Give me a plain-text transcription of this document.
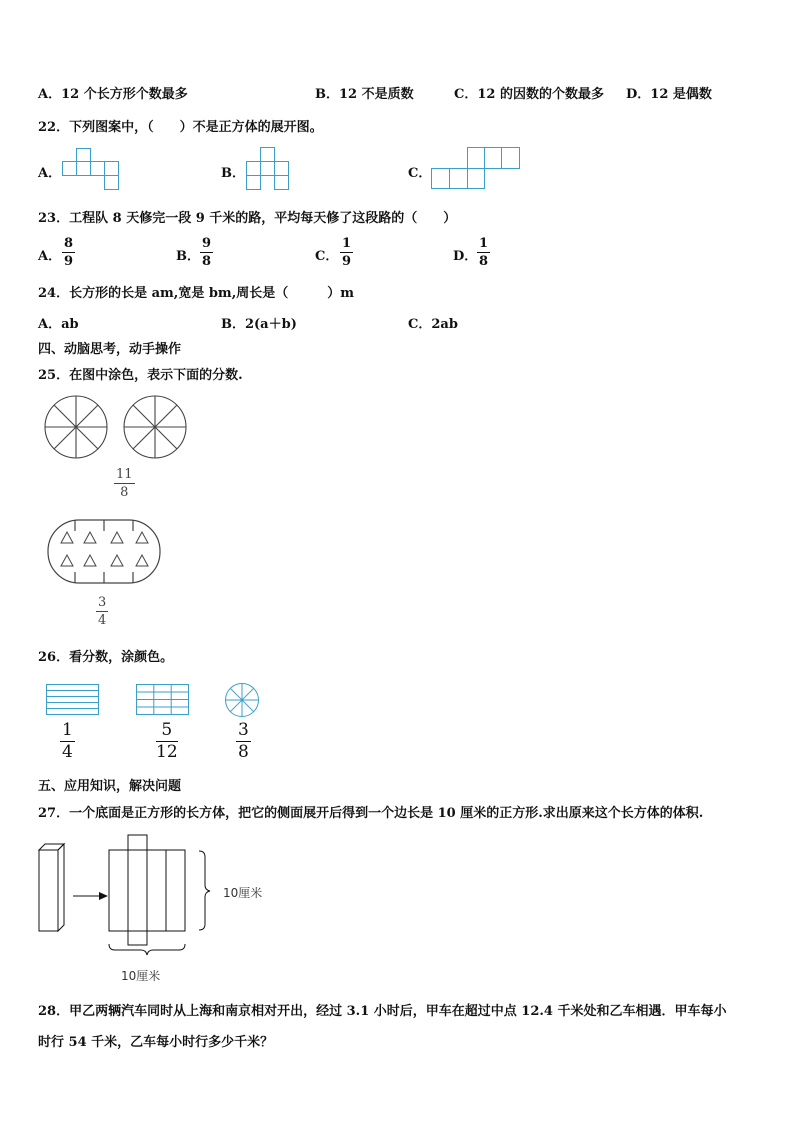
A．12 个长方形个数最多	B．12 不是质数	C．12 的因数的个数最多 D．12 是偶数
22．下列图案中，（　　）不是正方体的展开图。
A．	B．	C．
23．工程队 8 天修完一段 9 千米的路，平均每天修了这段路的（　　）
A．
8
9	B．
9
8	C．
1
9	D．
1
8
24．长方形的长是 am,宽是 bm,周长是（　　　）m
A．ab	B．2(a＋b)	C．2ab
四、动脑思考，动手操作
25．在图中涂色，表示下面的分数.
11
8
3
4
26．看分数，涂颜色。
1
4
5
12
3
8
五、应用知识，解决问题
27．一个底面是正方形的长方体，把它的侧面展开后得到一个边长是 10 厘米的正方形.求出原来这个长方体的体积.
10厘米
10厘米
28．甲乙两辆汽车同时从上海和南京相对开出，经过 3.1 小时后，甲车在超过中点 12.4 千米处和乙车相遇．甲车每小
时行 54 千米，乙车每小时行多少千米？
